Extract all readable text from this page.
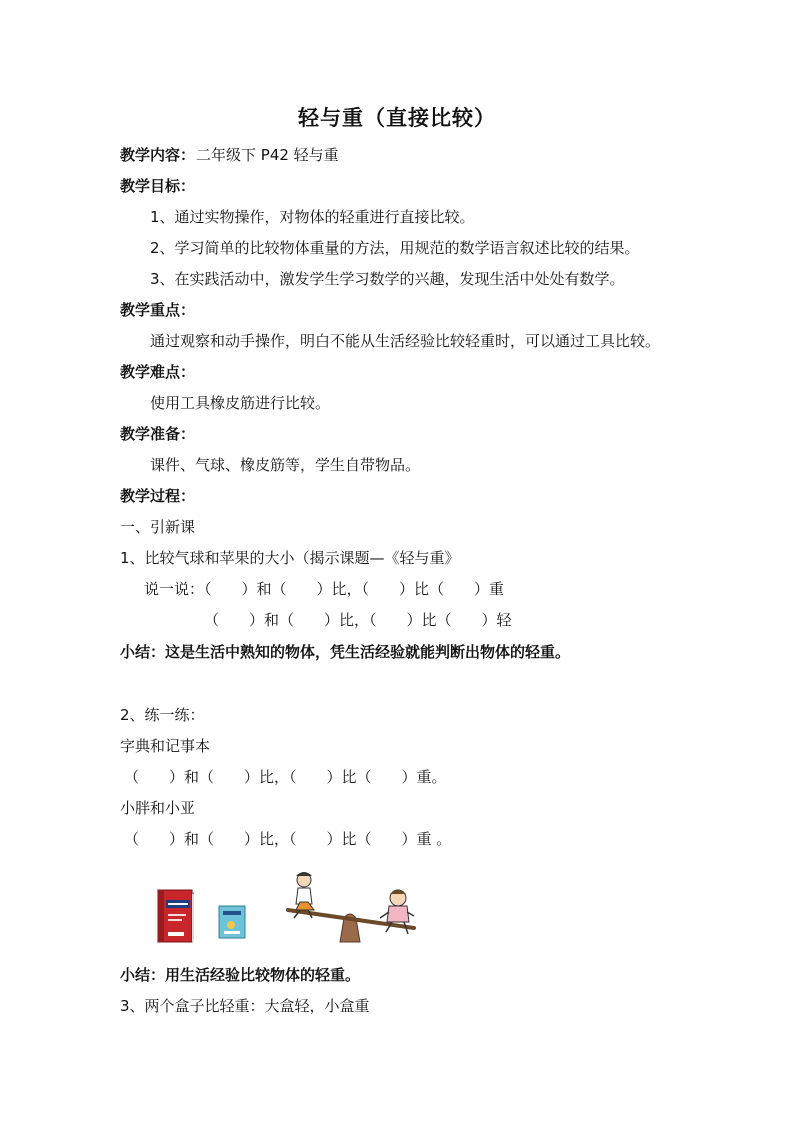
轻与重（直接比较）
教学内容： 二年级下 P42 轻与重
教学目标：
1、通过实物操作，对物体的轻重进行直接比较。
2、学习简单的比较物体重量的方法，用规范的数学语言叙述比较的结果。
3、在实践活动中，激发学生学习数学的兴趣，发现生活中处处有数学。
教学重点：
通过观察和动手操作，明白不能从生活经验比较轻重时，可以通过工具比较。
教学难点：
使用工具橡皮筋进行比较。
教学准备：
课件、气球、橡皮筋等，学生自带物品。
教学过程：
一、引新课
1、比较气球和苹果的大小（揭示课题—《轻与重》
说一说：（　　）和（　　）比，（　　）比（　　）重
（　　）和（　　）比，（　　）比（　　）轻
小结：这是生活中熟知的物体，凭生活经验就能判断出物体的轻重。
2、练一练：
字典和记事本
（　　）和（　　）比，（　　）比（　　）重。
小胖和小亚
（　　）和（　　）比，（　　）比（　　）重 。
小结：用生活经验比较物体的轻重。
3、两个盒子比轻重：大盒轻，小盒重
